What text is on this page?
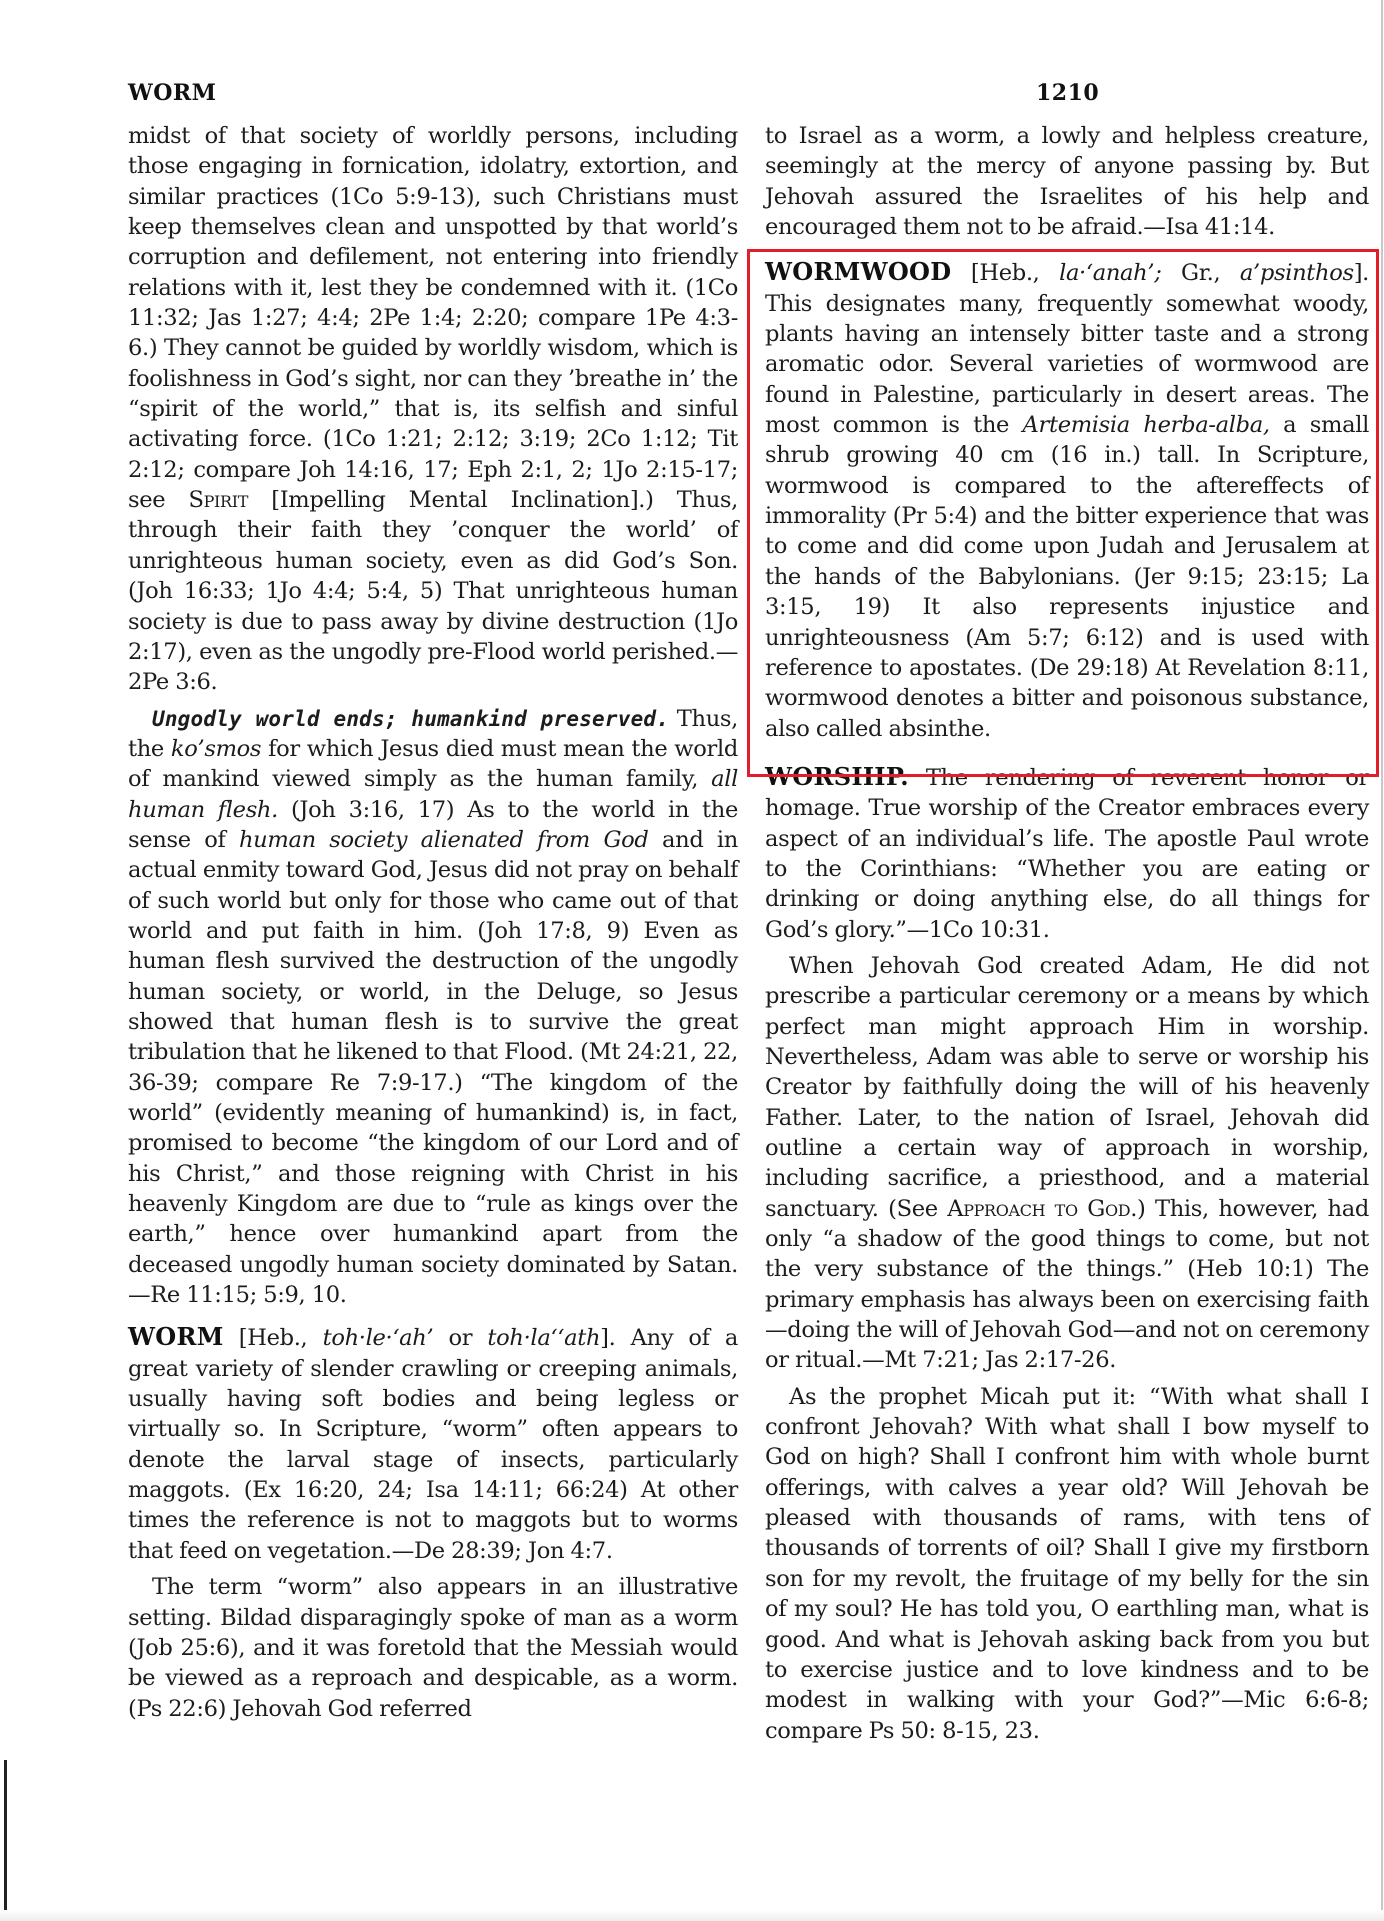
WORM	1210

midst of that society of worldly persons, including those engaging in fornication, idolatry, extortion, and similar practices (1Co 5:9-13), such Christians must keep themselves clean and unspotted by that world’s corruption and defilement, not entering into friendly relations with it, lest they be condemned with it. (1Co 11:32; Jas 1:27; 4:4; 2Pe 1:4; 2:20; compare 1Pe 4:3-6.) They cannot be guided by worldly wisdom, which is foolishness in God’s sight, nor can they ’breathe in’ the “spirit of the world,” that is, its selfish and sinful activating force. (1Co 1:21; 2:12; 3:19; 2Co 1:12; Tit 2:12; compare Joh 14:16, 17; Eph 2:1, 2; 1Jo 2:15-17; see Spirit [Impelling Mental Inclination].) Thus, through their faith they ’conquer the world’ of unrighteous human society, even as did God’s Son. (Joh 16:33; 1Jo 4:4; 5:4, 5) That unrighteous human society is due to pass away by divine destruction (1Jo 2:17), even as the ungodly pre-Flood world perished.—2Pe 3:6.

Ungodly world ends; humankind preserved. Thus, the ko’smos for which Jesus died must mean the world of mankind viewed simply as the human family, all human flesh. (Joh 3:16, 17) As to the world in the sense of human society alienated from God and in actual enmity toward God, Jesus did not pray on behalf of such world but only for those who came out of that world and put faith in him. (Joh 17:8, 9) Even as human flesh survived the destruction of the ungodly human society, or world, in the Deluge, so Jesus showed that human flesh is to survive the great tribulation that he likened to that Flood. (Mt 24:21, 22, 36-39; compare Re 7:9-17.) “The kingdom of the world” (evidently meaning of humankind) is, in fact, promised to become “the kingdom of our Lord and of his Christ,” and those reigning with Christ in his heavenly Kingdom are due to “rule as kings over the earth,” hence over humankind apart from the deceased ungodly human society dominated by Satan.—Re 11:15; 5:9, 10.

WORM [Heb., toh·le·‘ah’ or toh·la‘‘ath]. Any of a great variety of slender crawling or creeping animals, usually having soft bodies and being legless or virtually so. In Scripture, “worm” often appears to denote the larval stage of insects, particularly maggots. (Ex 16:20, 24; Isa 14:11; 66:24) At other times the reference is not to maggots but to worms that feed on vegetation.—De 28:39; Jon 4:7.

The term “worm” also appears in an illustrative setting. Bildad disparagingly spoke of man as a worm (Job 25:6), and it was foretold that the Messiah would be viewed as a reproach and despicable, as a worm. (Ps 22:6) Jehovah God referred

to Israel as a worm, a lowly and helpless creature, seemingly at the mercy of anyone passing by. But Jehovah assured the Israelites of his help and encouraged them not to be afraid.—Isa 41:14.

WORMWOOD [Heb., la·‘anah’; Gr., a’psinthos]. This designates many, frequently somewhat woody, plants having an intensely bitter taste and a strong aromatic odor. Several varieties of wormwood are found in Palestine, particularly in desert areas. The most common is the Artemisia herba-alba, a small shrub growing 40 cm (16 in.) tall. In Scripture, wormwood is compared to the aftereffects of immorality (Pr 5:4) and the bitter experience that was to come and did come upon Judah and Jerusalem at the hands of the Babylonians. (Jer 9:15; 23:15; La 3:15, 19) It also represents injustice and unrighteousness (Am 5:7; 6:12) and is used with reference to apostates. (De 29:18) At Revelation 8:11, wormwood denotes a bitter and poisonous substance, also called absinthe.

WORSHIP. The rendering of reverent honor or homage. True worship of the Creator embraces every aspect of an individual’s life. The apostle Paul wrote to the Corinthians: “Whether you are eating or drinking or doing anything else, do all things for God’s glory.”—1Co 10:31.

When Jehovah God created Adam, He did not prescribe a particular ceremony or a means by which perfect man might approach Him in worship. Nevertheless, Adam was able to serve or worship his Creator by faithfully doing the will of his heavenly Father. Later, to the nation of Israel, Jehovah did outline a certain way of approach in worship, including sacrifice, a priesthood, and a material sanctuary. (See Approach to God.) This, however, had only “a shadow of the good things to come, but not the very substance of the things.” (Heb 10:1) The primary emphasis has always been on exercising faith—doing the will of Jehovah God—and not on ceremony or ritual.—Mt 7:21; Jas 2:17-26.

As the prophet Micah put it: “With what shall I confront Jehovah? With what shall I bow myself to God on high? Shall I confront him with whole burnt offerings, with calves a year old? Will Jehovah be pleased with thousands of rams, with tens of thousands of torrents of oil? Shall I give my firstborn son for my revolt, the fruitage of my belly for the sin of my soul? He has told you, O earthling man, what is good. And what is Jehovah asking back from you but to exercise justice and to love kindness and to be modest in walking with your God?”—Mic 6:6-8; compare Ps 50: 8-15, 23.
